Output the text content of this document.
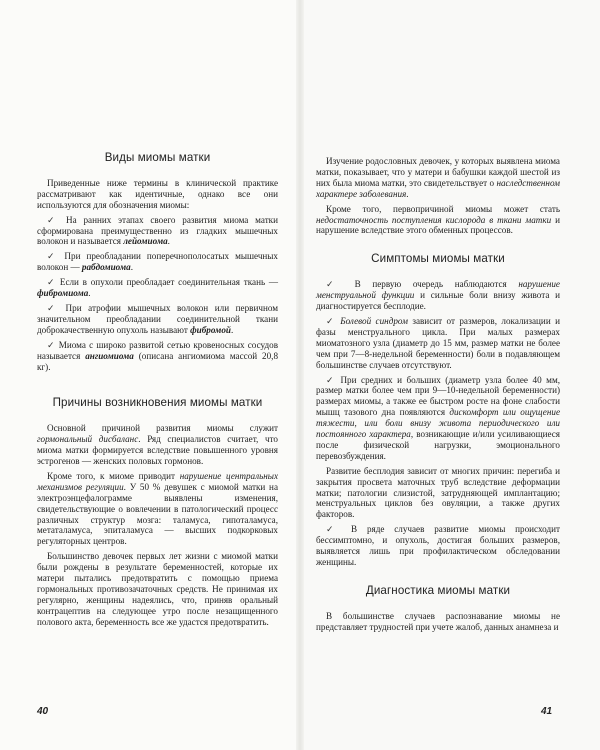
Виды миомы матки

Приведенные ниже термины в клинической практике рассматривают как идентичные, однако все они используются для обозначения миомы:

✓ На ранних этапах своего развития миома матки сформирована преимущественно из гладких мышечных волокон и называется лейомиома.

✓ При преобладании поперечнополосатых мышечных волокон — рабдомиома.

✓ Если в опухоли преобладает соединительная ткань — фибромиома.

✓ При атрофии мышечных волокон или первичном значительном преобладании соединительной ткани доброкачественную опухоль называют фибромой.

✓ Миома с широко развитой сетью кровеносных сосудов называется ангиомиома (описана ангиомиома массой 20,8 кг).

Причины возникновения миомы матки

Основной причиной развития миомы служит гормональный дисбаланс. Ряд специалистов считает, что миома матки формируется вследствие повышенного уровня эстрогенов — женских половых гормонов.

Кроме того, к миоме приводит нарушение центральных механизмов регуляции. У 50 % девушек с миомой матки на электроэнцефалограмме выявлены изменения, свидетельствующие о вовлечении в патологический процесс различных структур мозга: таламуса, гипоталамуса, метаталамуса, эпиталамуса — высших подкорковых регуляторных центров.

Большинство девочек первых лет жизни с миомой матки были рождены в результате беременностей, которые их матери пытались предотвратить с помощью приема гормональных противозачаточных средств. Не принимая их регулярно, женщины надеялись, что, приняв оральный контрацептив на следующее утро после незащищенного полового акта, беременность все же удастся предотвратить.

Изучение родословных девочек, у которых выявлена миома матки, показывает, что у матери и бабушки каждой шестой из них была миома матки, это свидетельствует о наследственном характере заболевания.

Кроме того, первопричиной миомы может стать недостаточность поступления кислорода в ткани матки и нарушение вследствие этого обменных процессов.

Симптомы миомы матки

✓ В первую очередь наблюдаются нарушение менструальной функции и сильные боли внизу живота и диагностируется бесплодие.

✓ Болевой синдром зависит от размеров, локализации и фазы менструального цикла. При малых размерах миоматозного узла (диаметр до 15 мм, размер матки не более чем при 7—8-недельной беременности) боли в подавляющем большинстве случаев отсутствуют.

✓ При средних и больших (диаметр узла более 40 мм, размер матки более чем при 9—10-недельной беременности) размерах миомы, а также ее быстром росте на фоне слабости мышц тазового дна появляются дискомфорт или ощущение тяжести, или боли внизу живота периодического или постоянного характера, возникающие и/или усиливающиеся после физической нагрузки, эмоционального перевозбуждения.

Развитие бесплодия зависит от многих причин: перегиба и закрытия просвета маточных труб вследствие деформации матки; патологии слизистой, затрудняющей имплантацию; менструальных циклов без овуляции, а также других факторов.

✓ В ряде случаев развитие миомы происходит бессимптомно, и опухоль, достигая больших размеров, выявляется лишь при профилактическом обследовании женщины.

Диагностика миомы матки

В большинстве случаев распознавание миомы не представляет трудностей при учете жалоб, данных анамнеза и

40	41
